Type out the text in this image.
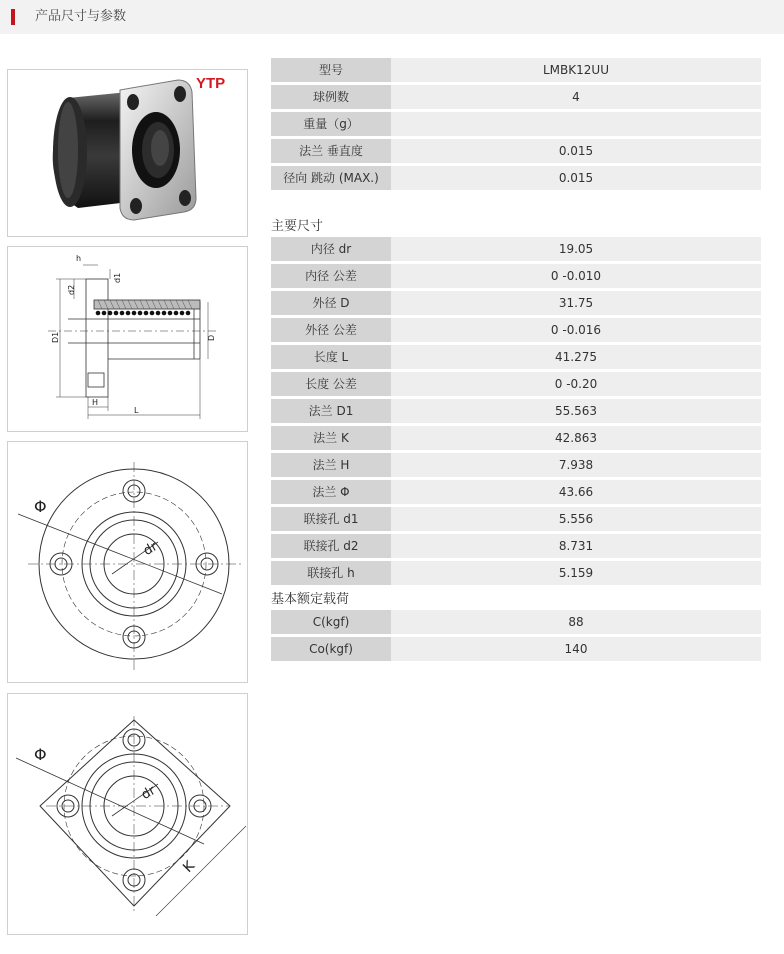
产品尺寸与参数
YTP
h
d1
d2
D1	D
H
L
Φ
dr
Φ
dr
K
型号	LMBK12UU
球例数	4
重量（g）	
法兰 垂直度	0.015
径向 跳动 (MAX.)	0.015
主要尺寸
内径 dr	19.05
内径 公差	0 -0.010
外径 D	31.75
外径 公差	0 -0.016
长度 L	41.275
长度 公差	0 -0.20
法兰 D1	55.563
法兰 K	42.863
法兰 H	7.938
法兰 Φ	43.66
联接孔 d1	5.556
联接孔 d2	8.731
联接孔 h	5.159
基本额定载荷
C(kgf)	88
Co(kgf)	140
